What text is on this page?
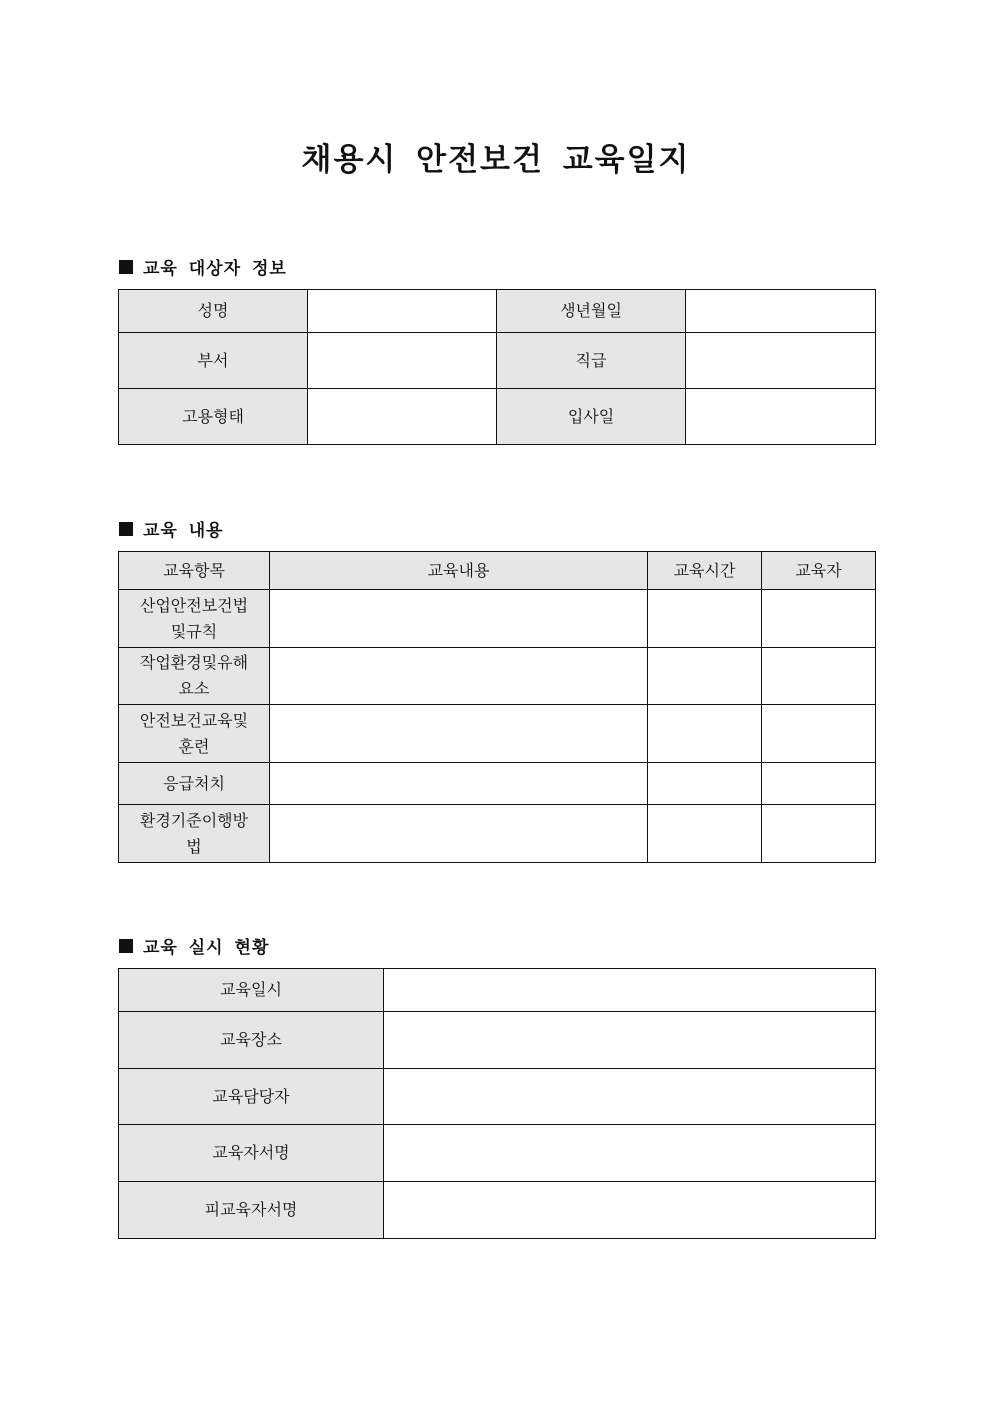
채용시 안전보건 교육일지
교육 대상자 정보
성명		생년월일	
부서		직급	
고용형태		입사일	
교육 내용
교육항목	교육내용	교육시간	교육자
산업안전보건법및규칙			
작업환경및유해요소			
안전보건교육및훈련			
응급처치			
환경기준이행방법			
교육 실시 현황
교육일시	
교육장소	
교육담당자	
교육자서명	
피교육자서명	
